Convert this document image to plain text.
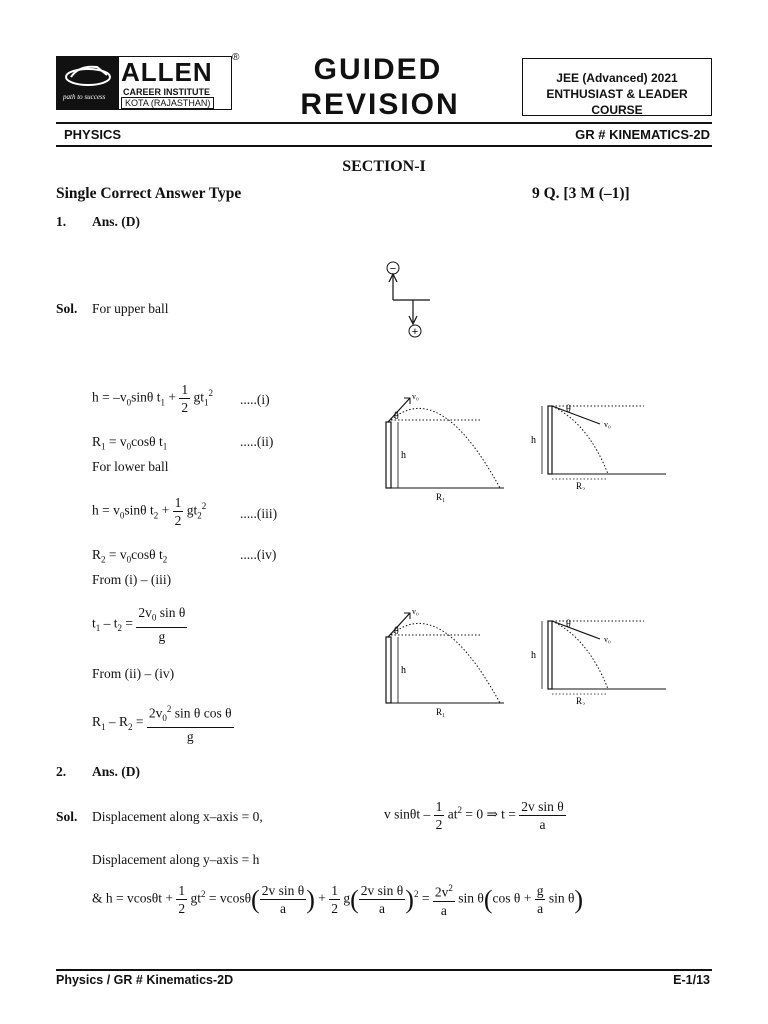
path to success
ALLEN
CAREER INSTITUTE
KOTA (RAJASTHAN)
®	GUIDED
REVISION
JEE (Advanced) 2021
ENTHUSIAST & LEADER COURSE
PHYSICS	GR # KINEMATICS-2D
SECTION-I
Single Correct Answer Type	9 Q. [3 M (–1)]
1. Ans. (D)
−
+
Sol. For upper ball
$h = -v_0\sin\theta$ $t_1 + \frac{1}{2} gt_1^2$ .....(i)
$R_1 = v_0\cos\theta$ $t_1$	.....(ii)
For lower ball
$h = v_0\sin\theta$ $t_2 + \frac{1}{2} gt_2^2$	.....(iii)
$R_2 = v_0\cos\theta$ $t_2$	.....(iv)
From (i) – (iii)
$t_1 - t_2 = \frac{2v_0 \sin \theta}{g}$
From (ii) – (iv)
$R_1 - R_2 = \frac{2v_0^2 \sin \theta \cos \theta}{g}$
v₀
θ
h
R₁
v₀
θ
h
R₂
v₀
θ
h
R₁
v₀
θ
h
R₂
2. Ans. (D)
Sol. Displacement along x–axis = 0,	v $\sin\theta t - \frac{1}{2} at^2 = 0$ ⇒ $t = \frac{\text{2v sin θ}}{a}$
Displacement along y–axis = h
& $h = vcos\theta t + \frac{1}{2} gt^2 = vcos\theta( \frac{\text{2v sin θ}}{a}$ ) + $\frac{1}{2} g( \frac{\text{2v sin θ}}{a} )^2 = \frac{2v^2}{a}$ sin θ(cos $\theta + \frac{g}{a}$ sin θ)
Physics / GR # Kinematics-2D	E-1/13
